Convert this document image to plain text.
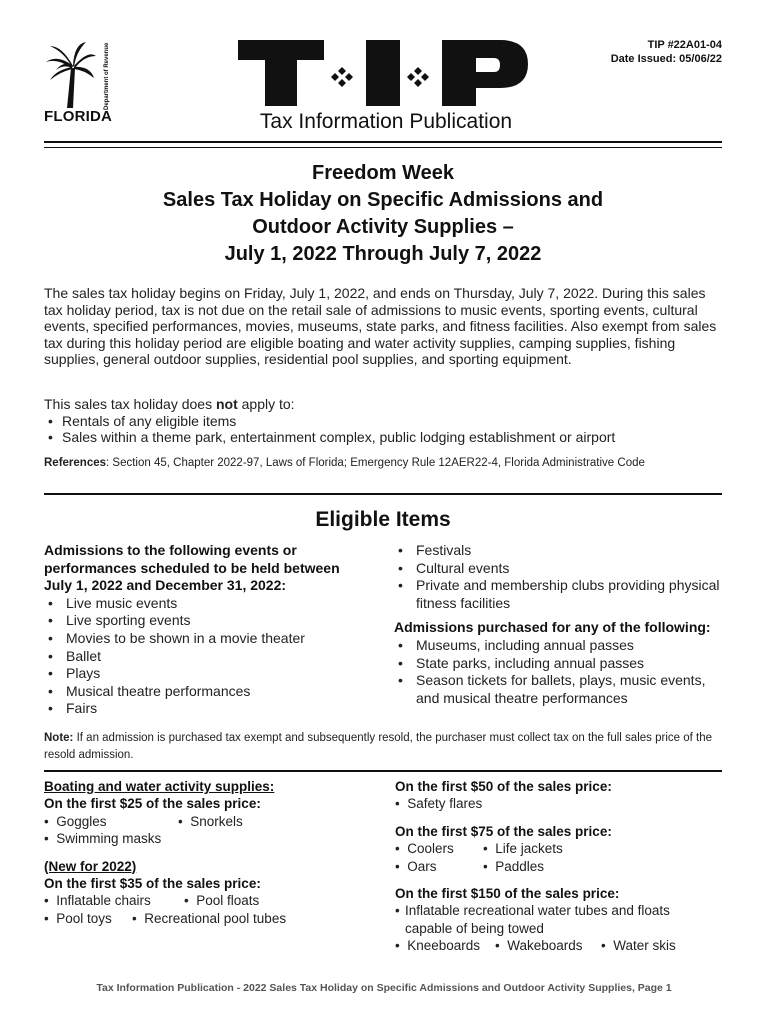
Department of Revenue
FLORIDA
TIP #22A01-04
Date Issued: 05/06/22
Tax Information Publication
Freedom Week
Sales Tax Holiday on Specific Admissions and
Outdoor Activity Supplies –
July 1, 2022 Through July 7, 2022
The sales tax holiday begins on Friday, July 1, 2022, and ends on Thursday, July 7, 2022. During this sales tax holiday period, tax is not due on the retail sale of admissions to music events, sporting events, cultural events, specified performances, movies, museums, state parks, and fitness facilities. Also exempt from sales tax during this holiday period are eligible boating and water activity supplies, camping supplies, fishing supplies, general outdoor supplies, residential pool supplies, and sporting equipment.
This sales tax holiday does not apply to:
• Rentals of any eligible items
• Sales within a theme park, entertainment complex, public lodging establishment or airport
References: Section 45, Chapter 2022-97, Laws of Florida; Emergency Rule 12AER22-4, Florida Administrative Code
Eligible Items
Admissions to the following events or performances scheduled to be held between July 1, 2022 and December 31, 2022:
• Live music events
• Live sporting events
• Movies to be shown in a movie theater
• Ballet
• Plays
• Musical theatre performances
• Fairs
• Festivals
• Cultural events
• Private and membership clubs providing physical fitness facilities
Admissions purchased for any of the following:
• Museums, including annual passes
• State parks, including annual passes
• Season tickets for ballets, plays, music events, and musical theatre performances
Note: If an admission is purchased tax exempt and subsequently resold, the purchaser must collect tax on the full sales price of the resold admission.
Boating and water activity supplies:
On the first $25 of the sales price:
•  Goggles	•  Snorkels
•  Swimming masks
(New for 2022)
On the first $35 of the sales price:
•  Inflatable chairs •  Pool floats
•  Pool toys •  Recreational pool tubes
On the first $50 of the sales price:
•  Safety flares
On the first $75 of the sales price:
•  Coolers •  Life jackets
•  Oars	•  Paddles
On the first $150 of the sales price:
• Inflatable recreational water tubes and floats capable of being towed
•  Kneeboards •  Wakeboards •  Water skis
Tax Information Publication - 2022 Sales Tax Holiday on Specific Admissions and Outdoor Activity Supplies, Page 1
